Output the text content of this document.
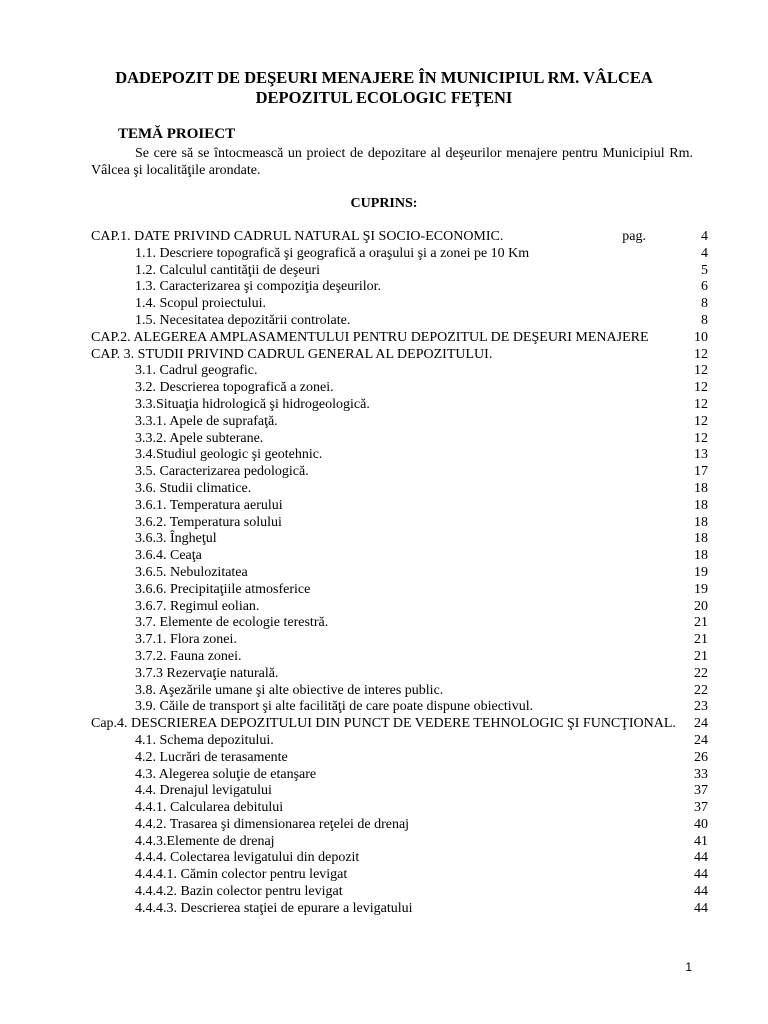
DADEPOZIT DE DEŞEURI MENAJERE ÎN MUNICIPIUL RM. VÂLCEA
DEPOZITUL ECOLOGIC FEŢENI
TEMĂ PROIECT
Se cere să se întocmească un proiect de depozitare al deşeurilor menajere pentru Municipiul Rm. Vâlcea şi localităţile arondate.
CUPRINS:
CAP.1. DATE PRIVIND CADRUL NATURAL ŞI SOCIO-ECONOMIC.	pag.	4
1.1. Descriere topografică şi geografică a oraşului şi a zonei pe 10 Km	4
1.2. Calculul cantităţii de deşeuri	5
1.3. Caracterizarea şi compoziţia deşeurilor.	6
1.4. Scopul proiectului.	8
1.5. Necesitatea depozitării controlate.	8
CAP.2. ALEGEREA AMPLASAMENTULUI PENTRU DEPOZITUL DE DEŞEURI MENAJERE	10
CAP. 3. STUDII PRIVIND CADRUL GENERAL AL DEPOZITULUI.	12
3.1. Cadrul geografic.	12
3.2. Descrierea topografică a zonei.	12
3.3.Situaţia hidrologică şi hidrogeologică.	12
3.3.1. Apele de suprafaţă.	12
3.3.2. Apele subterane.	12
3.4.Studiul geologic şi geotehnic.	13
3.5. Caracterizarea pedologică.	17
3.6. Studii climatice.	18
3.6.1. Temperatura aerului	18
3.6.2. Temperatura solului	18
3.6.3. Îngheţul	18
3.6.4. Ceaţa	18
3.6.5. Nebulozitatea	19
3.6.6. Precipitaţiile atmosferice	19
3.6.7. Regimul eolian.	20
3.7. Elemente de ecologie terestră.	21
3.7.1. Flora zonei.	21
3.7.2. Fauna zonei.	21
3.7.3 Rezervaţie naturală.	22
3.8. Aşezările umane şi alte obiective de interes public.	22
3.9. Căile de transport şi alte facilităţi de care poate dispune obiectivul.	23
Cap.4. DESCRIEREA DEPOZITULUI DIN PUNCT DE VEDERE TEHNOLOGIC ŞI FUNCŢIONAL. 24
4.1. Schema depozitului.	24
4.2. Lucrări de terasamente	26
4.3. Alegerea soluţie de etanşare	33
4.4. Drenajul levigatului	37
4.4.1. Calcularea debitului	37
4.4.2. Trasarea şi dimensionarea reţelei de drenaj	40
4.4.3.Elemente de drenaj	41
4.4.4. Colectarea levigatului din depozit	44
4.4.4.1. Cămin colector pentru levigat	44
4.4.4.2. Bazin colector pentru levigat	44
4.4.4.3. Descrierea staţiei de epurare a levigatului	44
1
